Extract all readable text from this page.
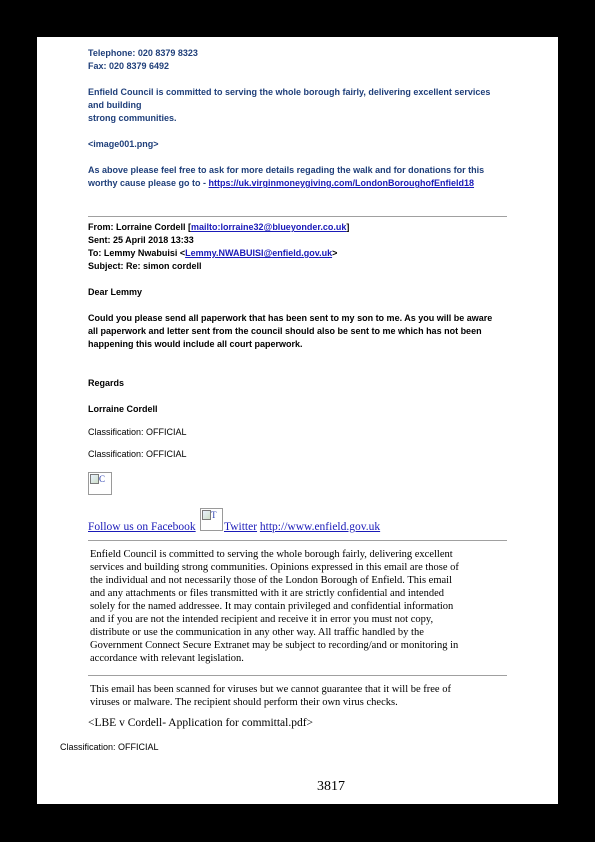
Telephone: 020 8379 8323
Fax: 020 8379 6492
Enfield Council is committed to serving the whole borough fairly, delivering excellent services
and building
strong communities.
<image001.png>
As above please feel free to ask for more details regading the walk and for donations for this
worthy cause please go to - https://uk.virginmoneygiving.com/LondonBoroughofEnfield18
From: Lorraine Cordell [mailto:lorraine32@blueyonder.co.uk]
Sent: 25 April 2018 13:33
To: Lemmy Nwabuisi <Lemmy.NWABUISI@enfield.gov.uk>
Subject: Re: simon cordell
Dear Lemmy
Could you please send all paperwork that has been sent to my son to me. As you will be aware
all paperwork and letter sent from the council should also be sent to me which has not been
happening this would include all court paperwork.
Regards
Lorraine Cordell
Classification: OFFICIAL
Classification: OFFICIAL
C
Follow us on Facebook
T
Twitter http://www.enfield.gov.uk
Enfield Council is committed to serving the whole borough fairly, delivering excellent
services and building strong communities. Opinions expressed in this email are those of
the individual and not necessarily those of the London Borough of Enfield. This email
and any attachments or files transmitted with it are strictly confidential and intended
solely for the named addressee. It may contain privileged and confidential information
and if you are not the intended recipient and receive it in error you must not copy,
distribute or use the communication in any other way. All traffic handled by the
Government Connect Secure Extranet may be subject to recording/and or monitoring in
accordance with relevant legislation.
This email has been scanned for viruses but we cannot guarantee that it will be free of
viruses or malware. The recipient should perform their own virus checks.
<LBE v Cordell- Application for committal.pdf>
Classification: OFFICIAL
3817
